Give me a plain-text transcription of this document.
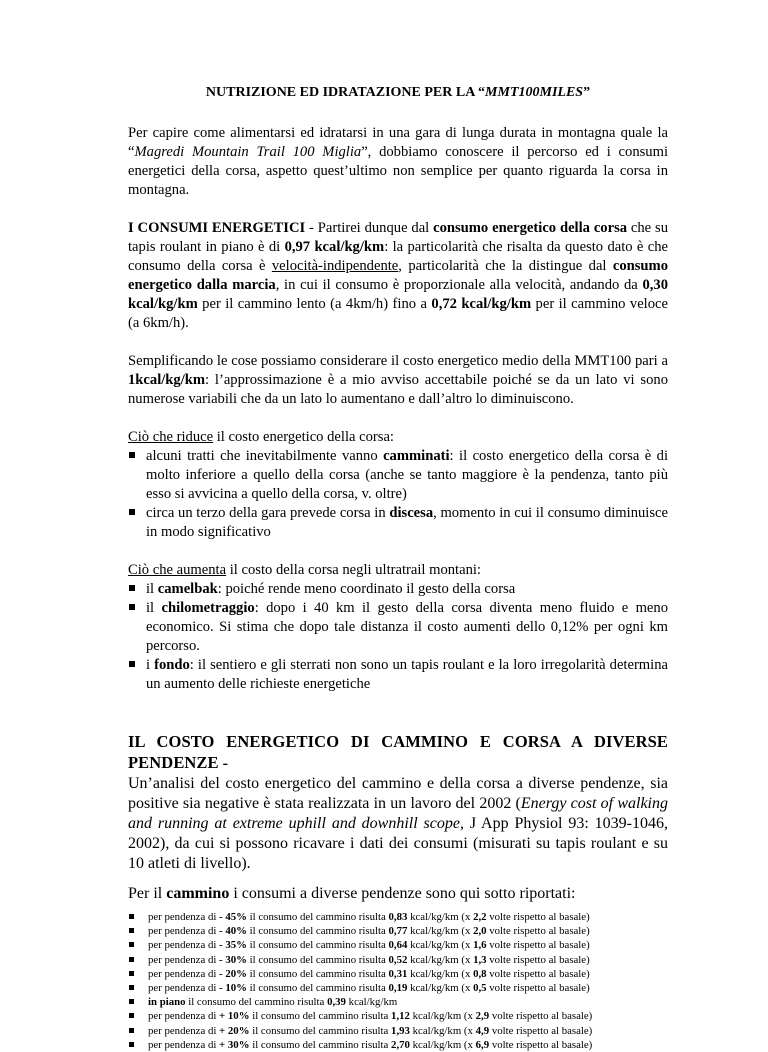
NUTRIZIONE ED IDRATAZIONE PER LA “MMT100MILES”

Per capire come alimentarsi ed idratarsi in una gara di lunga durata in montagna quale la “Magredi Mountain Trail 100 Miglia”, dobbiamo conoscere il percorso ed i consumi energetici della corsa, aspetto quest’ultimo non semplice per quanto riguarda la corsa in montagna.

I CONSUMI ENERGETICI - Partirei dunque dal consumo energetico della corsa che su tapis roulant in piano è di 0,97 kcal/kg/km: la particolarità che risalta da questo dato è che consumo della corsa è velocità-indipendente, particolarità che la distingue dal consumo energetico dalla marcia, in cui il consumo è proporzionale alla velocità, andando da 0,30 kcal/kg/km per il cammino lento (a 4km/h) fino a 0,72 kcal/kg/km per il cammino veloce (a 6km/h).

Semplificando le cose possiamo considerare il costo energetico medio della MMT100 pari a 1kcal/kg/km: l’approssimazione è a mio avviso accettabile poiché se da un lato vi sono numerose variabili che da un lato lo aumentano e dall’altro lo diminuiscono.

Ciò che riduce il costo energetico della corsa:

alcuni tratti che inevitabilmente vanno camminati: il costo energetico della corsa è di molto inferiore a quello della corsa (anche se tanto maggiore è la pendenza, tanto più esso si avvicina a quello della corsa, v. oltre)
circa un terzo della gara prevede corsa in discesa, momento in cui il consumo diminuisce in modo significativo

Ciò che aumenta il costo della corsa negli ultratrail montani:

il camelbak: poiché rende meno coordinato il gesto della corsa
il chilometraggio: dopo i 40 km il gesto della corsa diventa meno fluido e meno economico. Si stima che dopo tale distanza il costo aumenti dello 0,12% per ogni km percorso.
i fondo: il sentiero e gli sterrati non sono un tapis roulant e la loro irregolarità determina un aumento delle richieste energetiche

IL COSTO ENERGETICO DI CAMMINO E CORSA A DIVERSE PENDENZE -
Un’analisi del costo energetico del cammino e della corsa a diverse pendenze, sia positive sia negative è stata realizzata in un lavoro del 2002 (Energy cost of walking and running at extreme uphill and downhill scope, J App Physiol 93: 1039-1046, 2002), da cui si possono ricavare i dati dei consumi (misurati su tapis roulant e su 10 atleti di livello).

Per il cammino i consumi a diverse pendenze sono qui sotto riportati:

per pendenza di - 45% il consumo del cammino risulta 0,83 kcal/kg/km (x 2,2 volte rispetto al basale)
per pendenza di - 40% il consumo del cammino risulta 0,77 kcal/kg/km (x 2,0 volte rispetto al basale)
per pendenza di - 35% il consumo del cammino risulta 0,64 kcal/kg/km (x 1,6 volte rispetto al basale)
per pendenza di - 30% il consumo del cammino risulta 0,52 kcal/kg/km (x 1,3 volte rispetto al basale)
per pendenza di - 20% il consumo del cammino risulta 0,31 kcal/kg/km (x 0,8 volte rispetto al basale)
per pendenza di - 10% il consumo del cammino risulta 0,19 kcal/kg/km (x 0,5 volte rispetto al basale)
in piano il consumo del cammino risulta 0,39 kcal/kg/km
per pendenza di + 10% il consumo del cammino risulta 1,12 kcal/kg/km (x 2,9 volte rispetto al basale)
per pendenza di + 20% il consumo del cammino risulta 1,93 kcal/kg/km (x 4,9 volte rispetto al basale)
per pendenza di + 30% il consumo del cammino risulta 2,70 kcal/kg/km (x 6,9 volte rispetto al basale)
